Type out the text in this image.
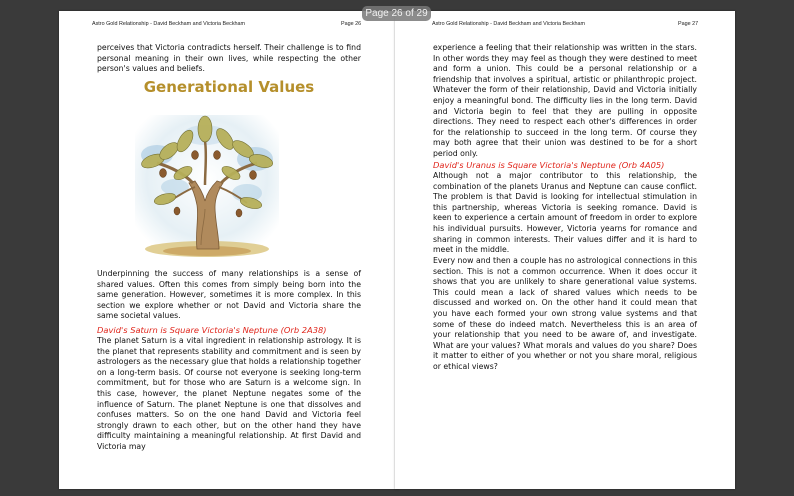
Astro Gold Relationship - David Beckham and Victoria Beckham	Page 26

perceives that Victoria contradicts herself. Their challenge is to find personal meaning in their own lives, while respecting the other person's values and beliefs.

Generational Values

Underpinning the success of many relationships is a sense of shared values. Often this comes from simply being born into the same generation. However, sometimes it is more complex. In this section we explore whether or not David and Victoria share the same societal values.

David's Saturn is Square Victoria's Neptune (Orb 2A38)

The planet Saturn is a vital ingredient in relationship astrology. It is the planet that represents stability and commitment and is seen by astrologers as the necessary glue that holds a relationship together on a long-term basis. Of course not everyone is seeking long-term commitment, but for those who are Saturn is a welcome sign. In this case, however, the planet Neptune negates some of the influence of Saturn. The planet Neptune is one that dissolves and confuses matters. So on the one hand David and Victoria feel strongly drawn to each other, but on the other hand they have difficulty maintaining a meaningful relationship. At first David and Victoria may

Astro Gold Relationship - David Beckham and Victoria Beckham	Page 27

experience a feeling that their relationship was written in the stars. In other words they may feel as though they were destined to meet and form a union. This could be a personal relationship or a friendship that involves a spiritual, artistic or philanthropic project. Whatever the form of their relationship, David and Victoria initially enjoy a meaningful bond. The difficulty lies in the long term. David and Victoria begin to feel that they are pulling in opposite directions. They need to respect each other's differences in order for the relationship to succeed in the long term. Of course they may both agree that their union was destined to be for a short period only.

David's Uranus is Square Victoria's Neptune (Orb 4A05)

Although not a major contributor to this relationship, the combination of the planets Uranus and Neptune can cause conflict. The problem is that David is looking for intellectual stimulation in this partnership, whereas Victoria is seeking romance. David is keen to experience a certain amount of freedom in order to explore his individual pursuits. However, Victoria yearns for romance and sharing in common interests. Their values differ and it is hard to meet in the middle.

Every now and then a couple has no astrological connections in this section. This is not a common occurrence. When it does occur it shows that you are unlikely to share generational value systems. This could mean a lack of shared values which needs to be discussed and worked on. On the other hand it could mean that you have each formed your own strong value systems and that some of these do indeed match. Nevertheless this is an area of your relationship that you need to be aware of, and investigate. What are your values? What morals and values do you share? Does it matter to either of you whether or not you share moral, religious or ethical views?

Page 26 of 29
